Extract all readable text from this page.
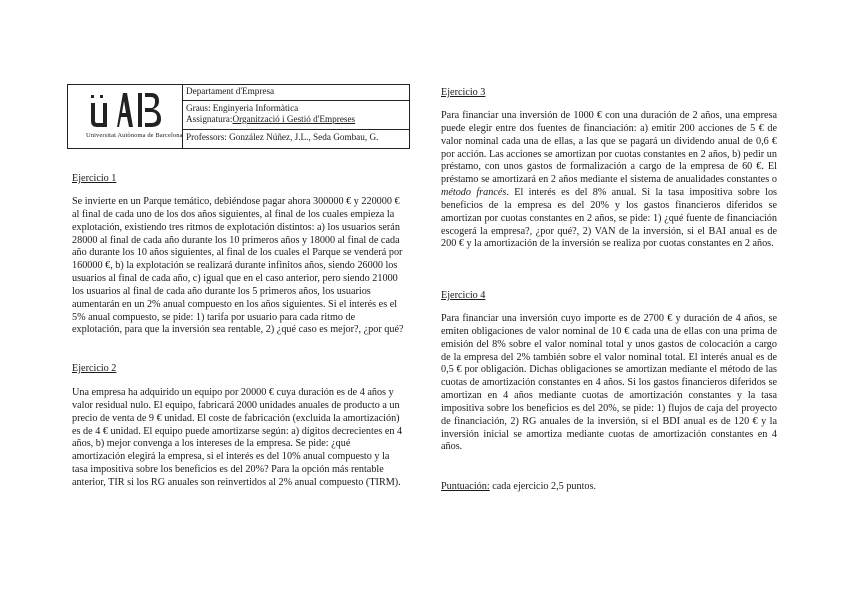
Universitat Autònoma de Barcelona
Departament d'Empresa
Graus: Enginyeria Informàtica
Assignatura:Organització i Gestió d'Empreses
Professors: González Núñez, J.L., Seda Gombau, G.
Ejercicio 1
Se invierte en un Parque temático, debiéndose pagar ahora 300000 € y 220000 € al final de cada uno de los dos años siguientes, al final de los cuales empieza la explotación, existiendo tres ritmos de explotación distintos: a) los usuarios serán 28000 al final de cada año durante los 10 primeros años y 18000 al final de cada año durante los 10 años siguientes, al final de los cuales el Parque se venderá por 160000 €, b) la explotación se realizará durante infinitos años, siendo 26000 los usuarios al final de cada año, c) igual que en el caso anterior, pero siendo 21000 los usuarios al final de cada año durante los 5 primeros años, los usuarios aumentarán en un 2% anual compuesto en los años siguientes. Si el interés es el 5% anual compuesto, se pide: 1) tarifa por usuario para cada ritmo de explotación, para que la inversión sea rentable, 2) ¿qué caso es mejor?, ¿por qué?
Ejercicio 2
Una empresa ha adquirido un equipo por 20000 € cuya duración es de 4 años y valor residual nulo. El equipo, fabricará 2000 unidades anuales de producto a un precio de venta de 9 € unidad. El coste de fabricación (excluida la amortización) es de 4 € unidad. El equipo puede amortizarse según: a) dígitos decrecientes en 4 años, b) mejor convenga a los intereses de la empresa. Se pide: ¿qué amortización elegirá la empresa, si el interés es del 10% anual compuesto y la tasa impositiva sobre los beneficios es del 20%? Para la opción más rentable anterior, TIR si los RG anuales son reinvertidos al 2% anual compuesto (TIRM).
Ejercicio 3
Para financiar una inversión de 1000 € con una duración de 2 años, una empresa puede elegir entre dos fuentes de financiación: a) emitir 200 acciones de 5 € de valor nominal cada una de ellas, a las que se pagará un dividendo anual de 0,6 € por acción. Las acciones se amortizan por cuotas constantes en 2 años, b) pedir un préstamo, con unos gastos de formalización a cargo de la empresa de 60 €. El préstamo se amortizará en 2 años mediante el sistema de anualidades constantes o método francés. El interés es del 8% anual. Si la tasa impositiva sobre los beneficios de la empresa es del 20% y los gastos financieros diferidos se amortizan por cuotas constantes en 2 años, se pide: 1) ¿qué fuente de financiación escogerá la empresa?, ¿por qué?, 2) VAN de la inversión, si el BAI anual es de 200 € y la amortización de la inversión se realiza por cuotas constantes en 2 años.
Ejercicio 4
Para financiar una inversión cuyo importe es de 2700 € y duración de 4 años, se emiten obligaciones de valor nominal de 10 € cada una de ellas con una prima de emisión del 8% sobre el valor nominal total y unos gastos de colocación a cargo de la empresa del 2% también sobre el valor nominal total. El interés anual es de 0,5 € por obligación. Dichas obligaciones se amortizan mediante el método de las cuotas de amortización constantes en 4 años. Si los gastos financieros diferidos se amortizan en 4 años mediante cuotas de amortización constantes y la tasa impositiva sobre los beneficios es del 20%, se pide: 1) flujos de caja del proyecto de financiación, 2) RG anuales de la inversión, si el BDI anual es de 120 € y la inversión inicial se amortiza mediante cuotas de amortización constantes en 4 años.
Puntuación: cada ejercicio 2,5 puntos.
